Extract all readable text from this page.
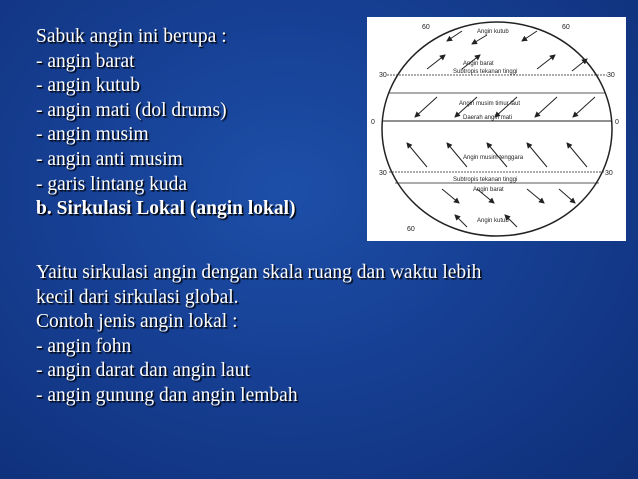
Sabuk angin ini berupa :
- angin barat
- angin kutub
- angin mati (dol drums)
- angin musim
- angin anti musim
- garis lintang kuda
b. Sirkulasi Lokal (angin lokal)
Yaitu sirkulasi angin dengan skala ruang dan waktu lebih
kecil dari sirkulasi global.
Contoh jenis angin lokal :
- angin fohn
- angin darat dan angin laut
- angin gunung dan angin lembah
60
30
0
30
60
30
0
30
60
Angin kutub
Angin barat
Subtropis tekanan tinggi
Angin musim timur laut
Daerah angin mati
Angin musim tenggara
Subtropis tekanan tinggi
Angin barat
Angin kutub
